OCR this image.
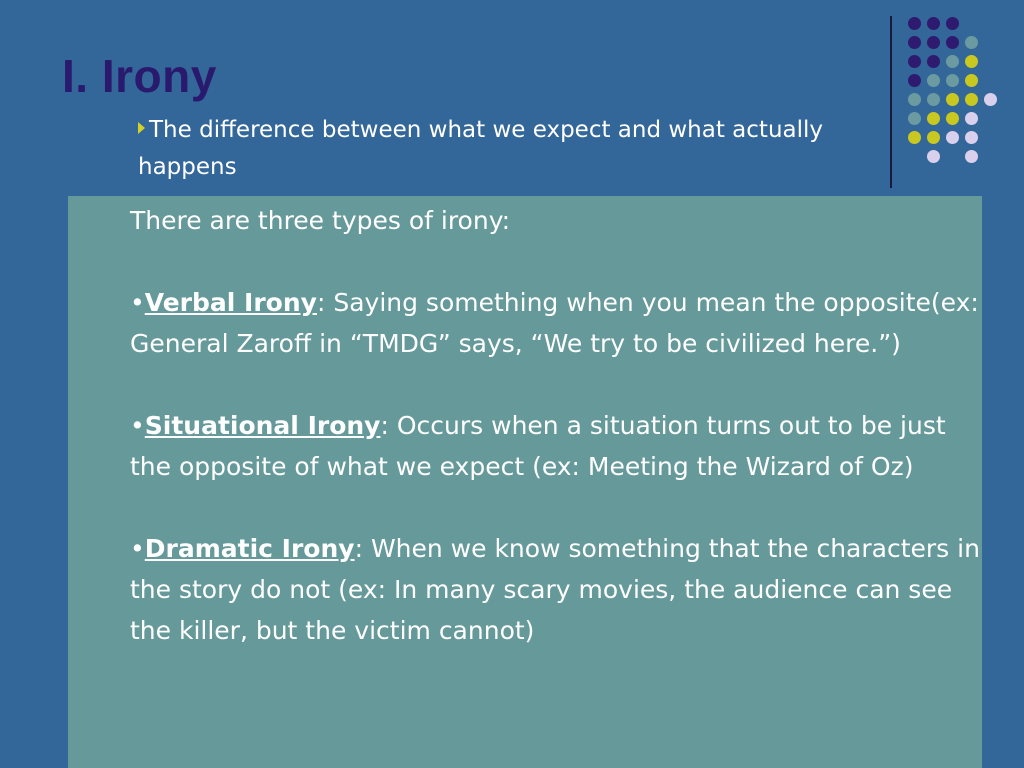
I. Irony
The difference between what we expect and what actually happens

There are three types of irony:

•Verbal Irony: Saying something when you mean the opposite(ex: General Zaroff in “TMDG” says, “We try to be civilized here.”)

•Situational Irony: Occurs when a situation turns out to be just the opposite of what we expect (ex: Meeting the Wizard of Oz)

•Dramatic Irony: When we know something that the characters in the story do not (ex: In many scary movies, the audience can see the killer, but the victim cannot)
